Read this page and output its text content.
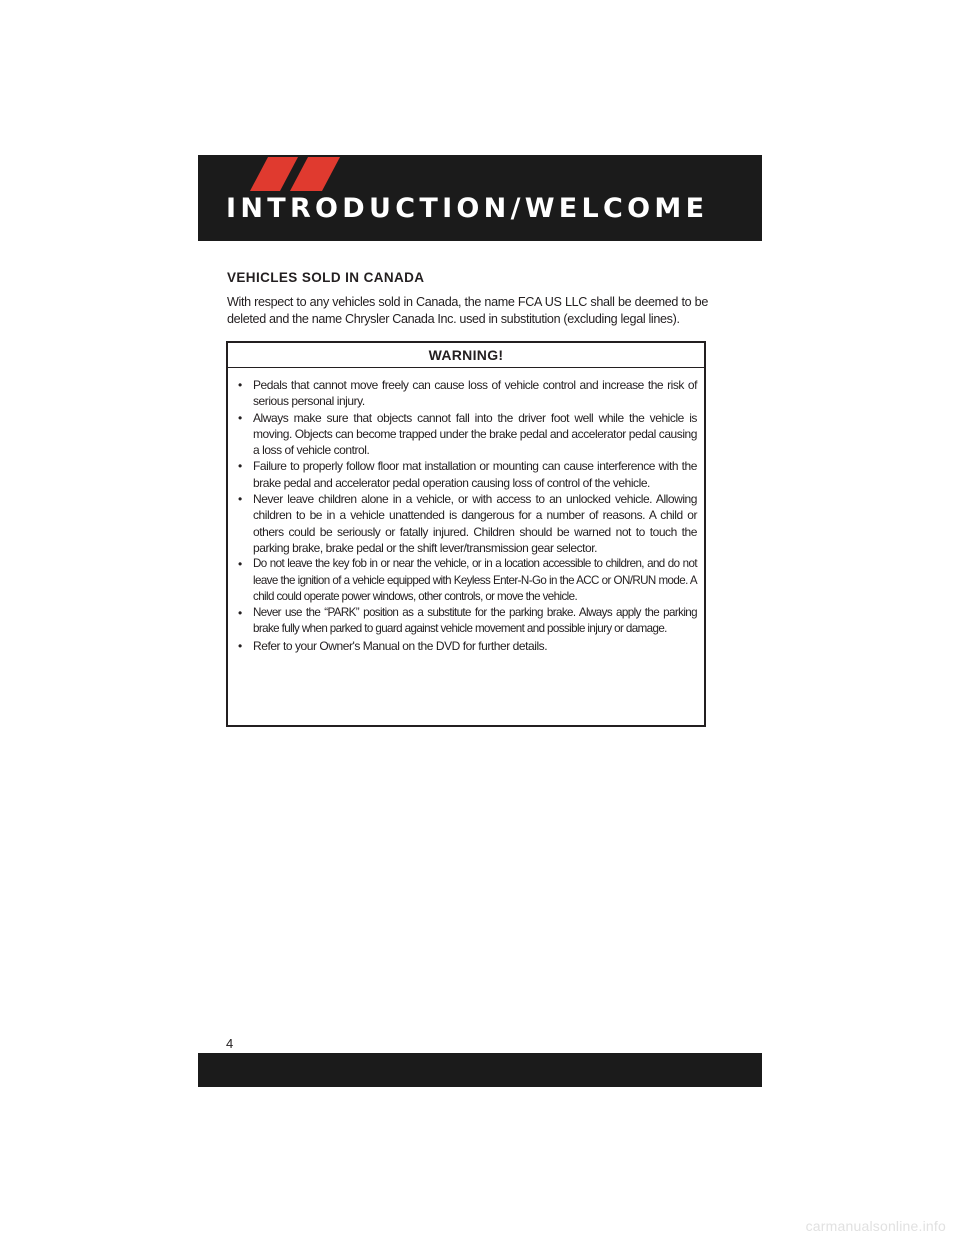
INTRODUCTION/WELCOME
VEHICLES SOLD IN CANADA
With respect to any vehicles sold in Canada, the name FCA US LLC shall be deemed to be deleted and the name Chrysler Canada Inc. used in substitution (excluding legal lines).
WARNING!
• Pedals that cannot move freely can cause loss of vehicle control and increase the risk of serious personal injury.
• Always make sure that objects cannot fall into the driver foot well while the vehicle is moving. Objects can become trapped under the brake pedal and accelerator pedal causing a loss of vehicle control.
• Failure to properly follow floor mat installation or mounting can cause interference with the brake pedal and accelerator pedal operation causing loss of control of the vehicle.
• Never leave children alone in a vehicle, or with access to an unlocked vehicle. Allowing children to be in a vehicle unattended is dangerous for a number of reasons. A child or others could be seriously or fatally injured. Children should be warned not to touch the parking brake, brake pedal or the shift lever/transmission gear selector.
• Do not leave the key fob in or near the vehicle, or in a location accessible to children, and do not leave the ignition of a vehicle equipped with Keyless Enter-N-Go in the ACC or ON/RUN mode. A child could operate power windows, other controls, or move the vehicle.
• Never use the “PARK” position as a substitute for the parking brake. Always apply the parking brake fully when parked to guard against vehicle movement and possible injury or damage.
• Refer to your Owner's Manual on the DVD for further details.
4
carmanualsonline.info
